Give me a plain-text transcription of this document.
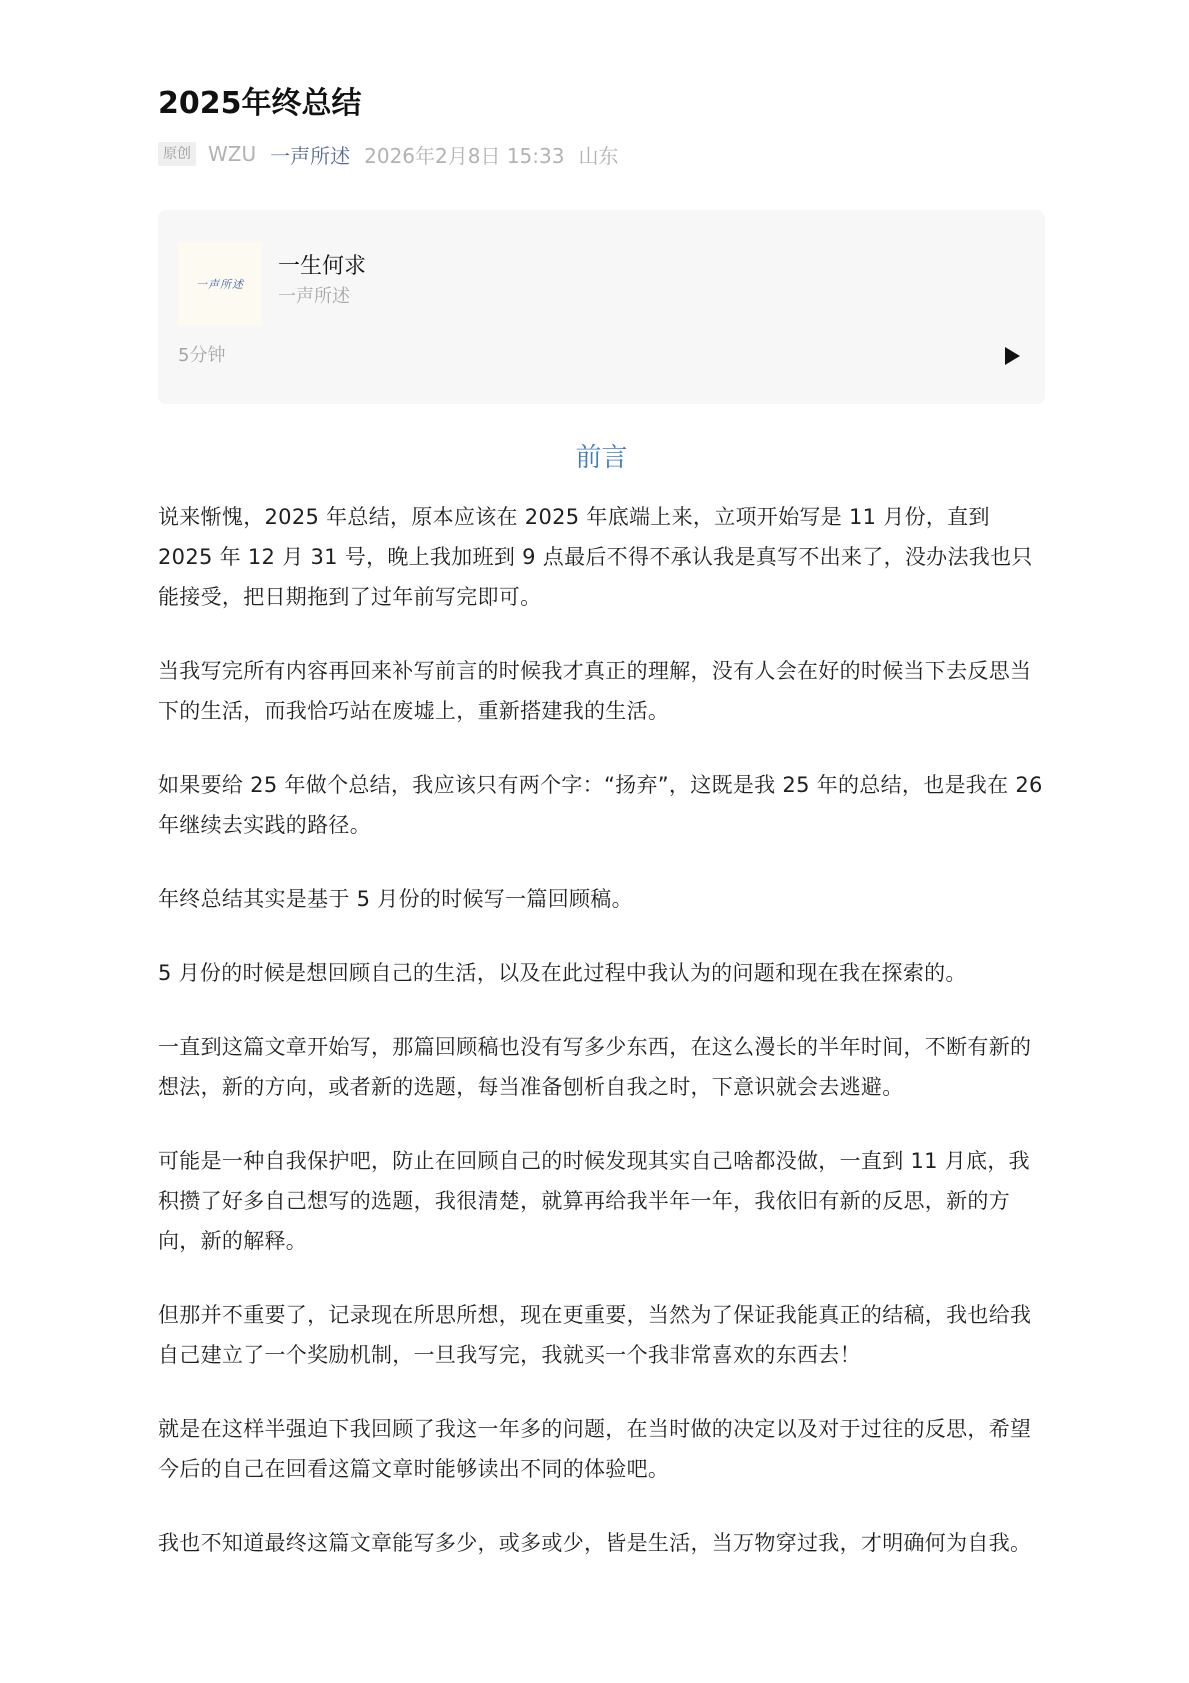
2025年终总结
原创 WZU 一声所述 2026年2月8日 15:33 山东
一声所述
一生何求
一声所述
5分钟
前言

说来惭愧，2025 年总结，原本应该在 2025 年底端上来，立项开始写是 11 月份，直到 2025 年 12 月 31 号，晚上我加班到 9 点最后不得不承认我是真写不出来了，没办法我也只能接受，把日期拖到了过年前写完即可。

当我写完所有内容再回来补写前言的时候我才真正的理解，没有人会在好的时候当下去反思当下的生活，而我恰巧站在废墟上，重新搭建我的生活。

如果要给 25 年做个总结，我应该只有两个字：“扬弃”，这既是我 25 年的总结，也是我在 26 年继续去实践的路径。

年终总结其实是基于 5 月份的时候写一篇回顾稿。

5 月份的时候是想回顾自己的生活，以及在此过程中我认为的问题和现在我在探索的。

一直到这篇文章开始写，那篇回顾稿也没有写多少东西，在这么漫长的半年时间，不断有新的想法，新的方向，或者新的选题，每当准备刨析自我之时，下意识就会去逃避。

可能是一种自我保护吧，防止在回顾自己的时候发现其实自己啥都没做，一直到 11 月底，我积攒了好多自己想写的选题，我很清楚，就算再给我半年一年，我依旧有新的反思，新的方向，新的解释。

但那并不重要了，记录现在所思所想，现在更重要，当然为了保证我能真正的结稿，我也给我自己建立了一个奖励机制，一旦我写完，我就买一个我非常喜欢的东西去！

就是在这样半强迫下我回顾了我这一年多的问题，在当时做的决定以及对于过往的反思，希望今后的自己在回看这篇文章时能够读出不同的体验吧。

我也不知道最终这篇文章能写多少，或多或少，皆是生活，当万物穿过我，才明确何为自我。
